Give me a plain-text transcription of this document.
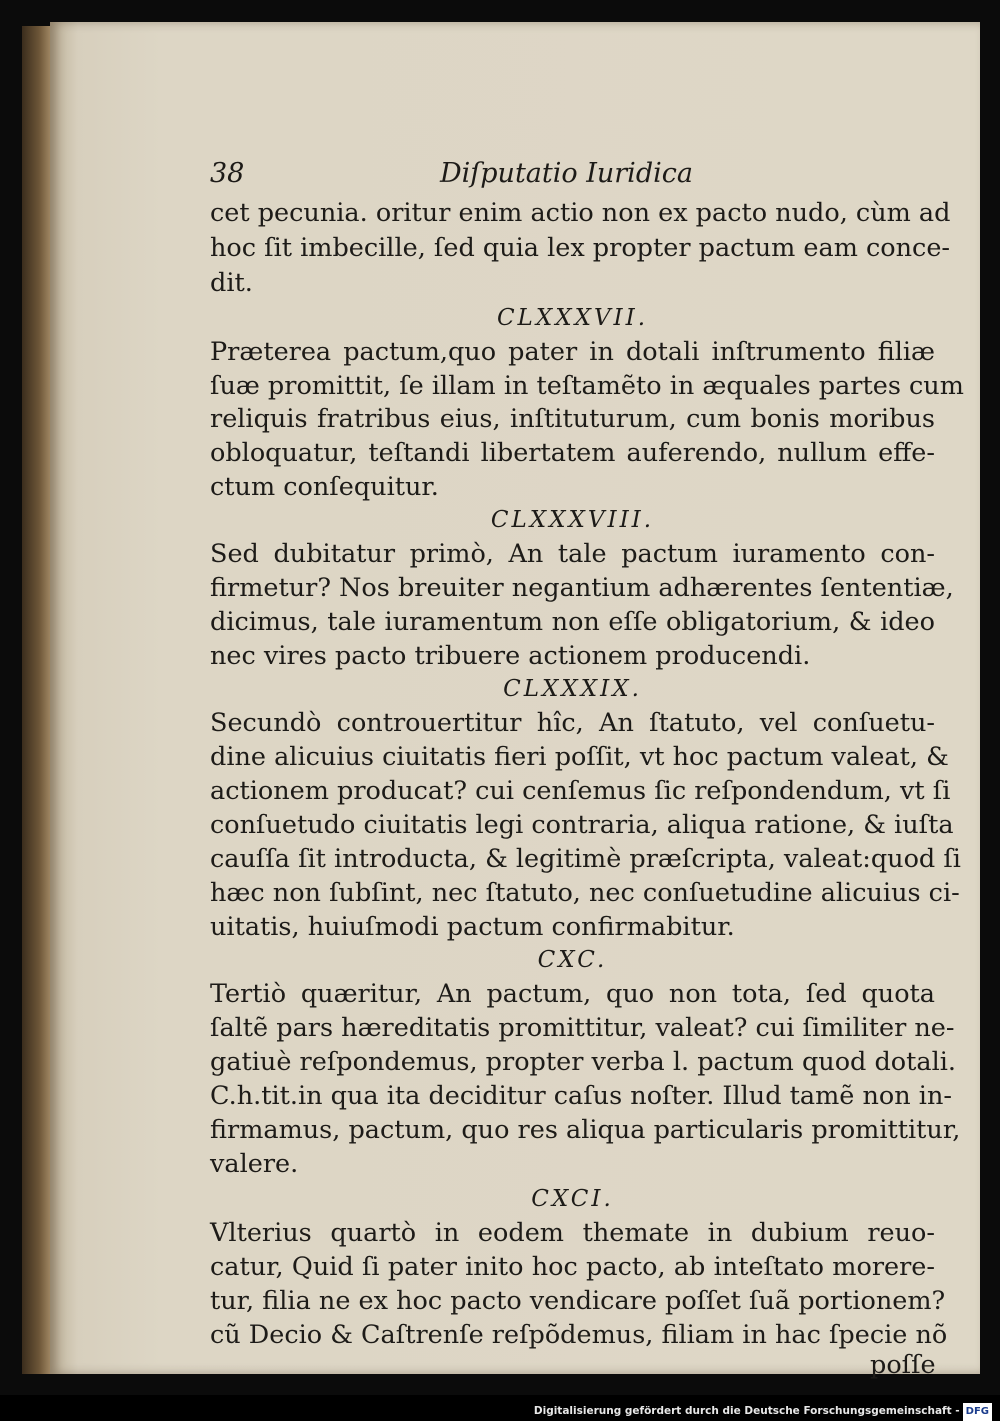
38	Diſputatio Iuridica
cet pecunia. oritur enim actio non ex pacto nudo, cùm ad
hoc ſit imbecille, ſed quia lex propter pactum eam conce-
dit.
CLXXXVII.
Præterea pactum,quo pater in dotali inſtrumento filiæ
ſuæ promittit, ſe illam in teſtamẽto in æquales partes cum
reliquis fratribus eius, inſtituturum, cum bonis moribus
obloquatur, teſtandi libertatem auferendo, nullum effe-
ctum conſequitur.
CLXXXVIII.
Sed dubitatur primò, An tale pactum iuramento con-
firmetur? Nos breuiter negantium adhærentes ſententiæ,
dicimus, tale iuramentum non eſſe obligatorium, & ideo
nec vires pacto tribuere actionem producendi.
CLXXXIX.
Secundò controuertitur hîc, An ſtatuto, vel conſuetu-
dine alicuius ciuitatis fieri poſſit, vt hoc pactum valeat, &
actionem producat? cui cenſemus ſic reſpondendum, vt ſi
conſuetudo ciuitatis legi contraria, aliqua ratione, & iuſta
cauſſa ſit introducta, & legitimè præſcripta, valeat:quod ſi
hæc non ſubſint, nec ſtatuto, nec conſuetudine alicuius ci-
uitatis, huiuſmodi pactum confirmabitur.
CXC.
Tertiò quæritur, An pactum, quo non tota, ſed quota
ſaltẽ pars hæreditatis promittitur, valeat? cui ſimiliter ne-
gatiuè reſpondemus, propter verba l. pactum quod dotali.
C.h.tit.in qua ita deciditur caſus noſter. Illud tamẽ non in-
firmamus, pactum, quo res aliqua particularis promittitur,
valere.
CXCI.
Vlterius quartò in eodem themate in dubium reuo-
catur, Quid ſi pater inito hoc pacto, ab inteſtato morere-
tur, filia ne ex hoc pacto vendicare poſſet ſuã portionem?
cũ Decio & Caſtrenſe reſpõdemus, filiam in hac ſpecie nõ
poſſe
Digitalisierung gefördert durch die Deutsche Forschungsgemeinschaft - DFG
